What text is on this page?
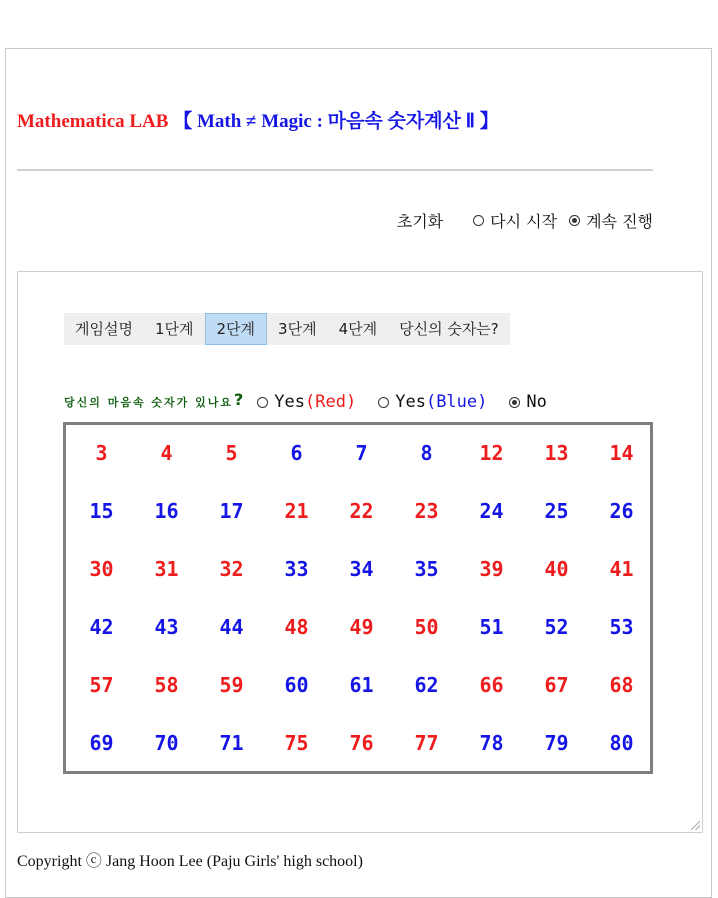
Mathematica LAB 【 Math ≠ Magic : 마음속 숫자계산 Ⅱ 】
초기화	다시 시작 계속 진행
게임설명	1단계	2단계	3단계	4단계	당신의 숫자는?
당신의 마음속 숫자가 있나요 ? Yes ( Red ) Yes ( Blue ) No
3	4	5	6	7	8	12	13	14
15	16	17	21	22	23	24	25	26
30	31	32	33	34	35	39	40	41
42	43	44	48	49	50	51	52	53
57	58	59	60	61	62	66	67	68
69	70	71	75	76	77	78	79	80
Copyright ⓒ Jang Hoon Lee (Paju Girls' high school)
